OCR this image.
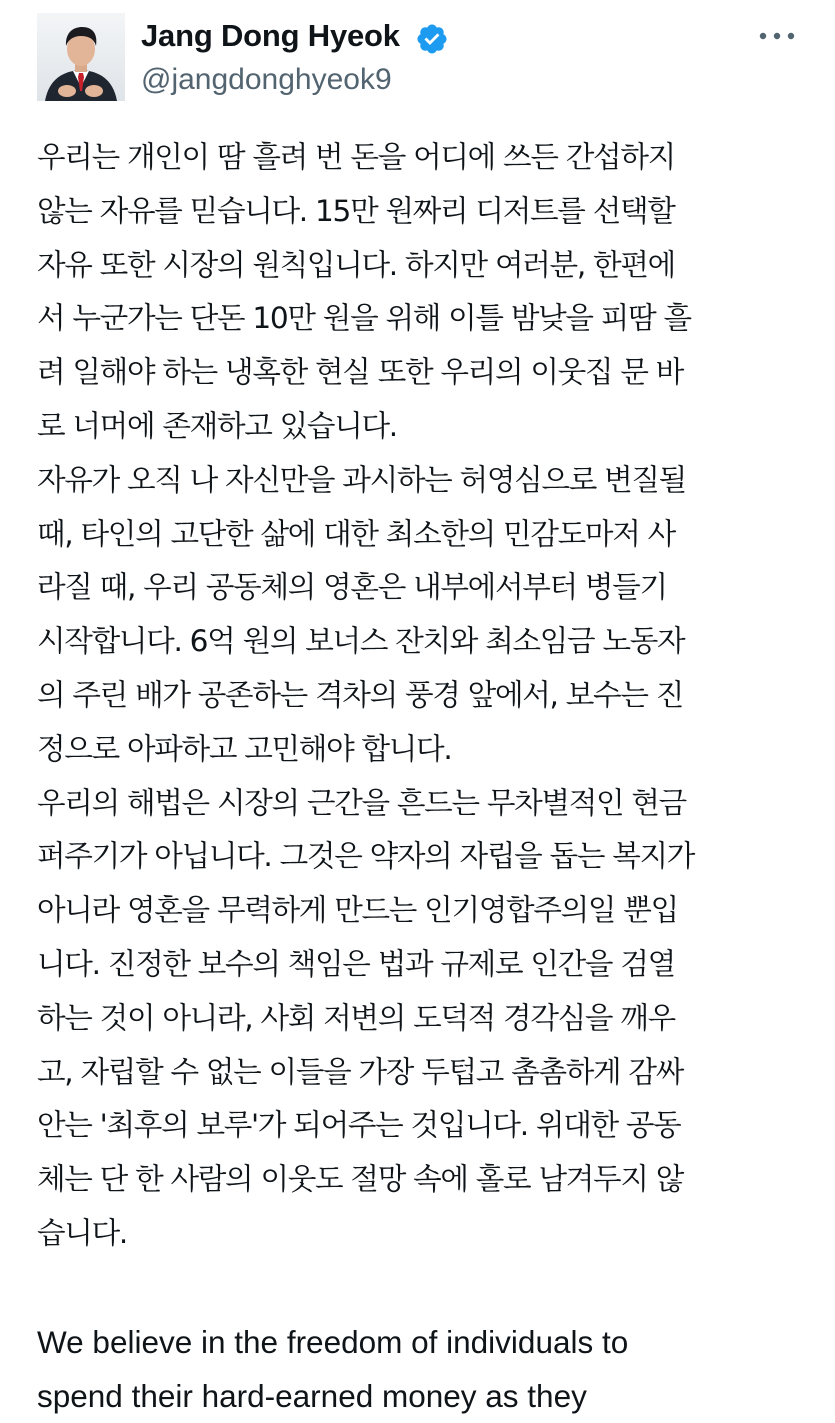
Jang Dong Hyeok
@jangdonghyeok9

우리는 개인이 땀 흘려 번 돈을 어디에 쓰든 간섭하지
않는 자유를 믿습니다. 15만 원짜리 디저트를 선택할
자유 또한 시장의 원칙입니다. 하지만 여러분, 한편에
서 누군가는 단돈 10만 원을 위해 이틀 밤낮을 피땀 흘
려 일해야 하는 냉혹한 현실 또한 우리의 이웃집 문 바
로 너머에 존재하고 있습니다.

자유가 오직 나 자신만을 과시하는 허영심으로 변질될
때, 타인의 고단한 삶에 대한 최소한의 민감도마저 사
라질 때, 우리 공동체의 영혼은 내부에서부터 병들기
시작합니다. 6억 원의 보너스 잔치와 최소임금 노동자
의 주린 배가 공존하는 격차의 풍경 앞에서, 보수는 진
정으로 아파하고 고민해야 합니다.

우리의 해법은 시장의 근간을 흔드는 무차별적인 현금
퍼주기가 아닙니다. 그것은 약자의 자립을 돕는 복지가
아니라 영혼을 무력하게 만드는 인기영합주의일 뿐입
니다. 진정한 보수의 책임은 법과 규제로 인간을 검열
하는 것이 아니라, 사회 저변의 도덕적 경각심을 깨우
고, 자립할 수 없는 이들을 가장 두텁고 촘촘하게 감싸
안는 '최후의 보루'가 되어주는 것입니다. 위대한 공동
체는 단 한 사람의 이웃도 절망 속에 홀로 남겨두지 않
습니다.

We believe in the freedom of individuals to
spend their hard-earned money as they
